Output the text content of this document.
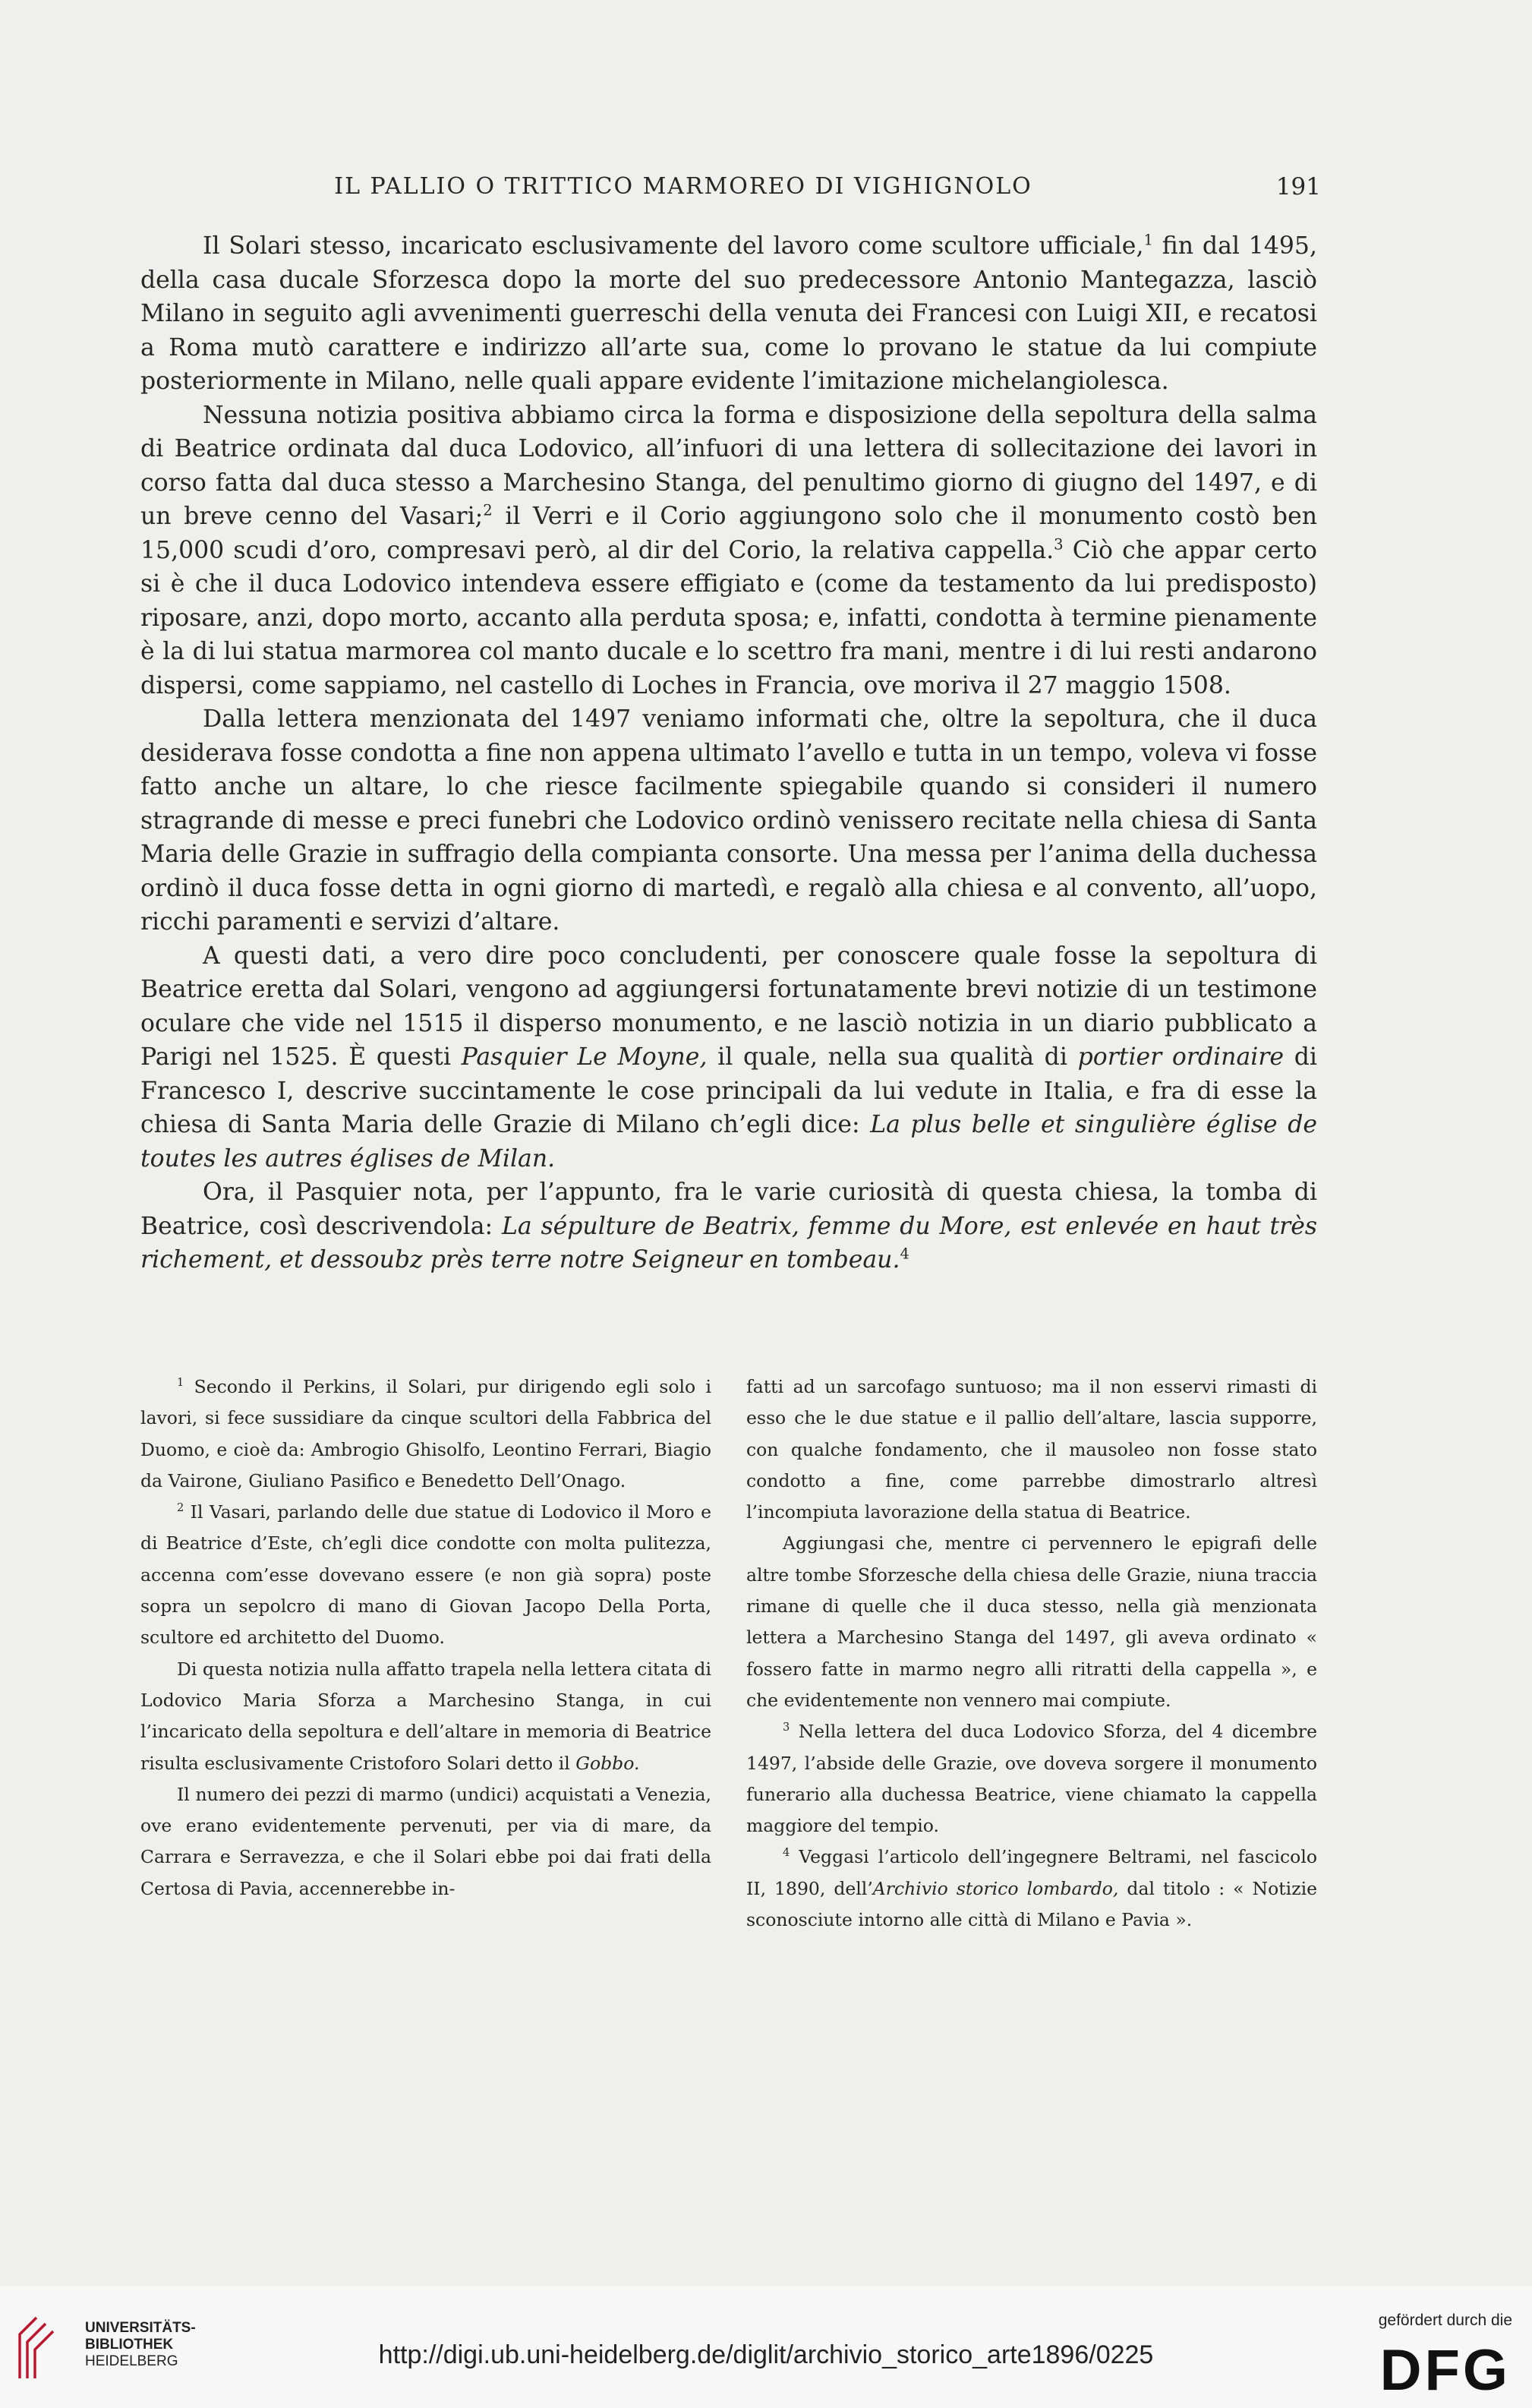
IL PALLIO O TRITTICO MARMOREO DI VIGHIGNOLO	191

Il Solari stesso, incaricato esclusivamente del lavoro come scultore ufficiale,$^1$ fin dal 1495, della casa ducale Sforzesca dopo la morte del suo predecessore Antonio Mantegazza, lasciò Milano in seguito agli avvenimenti guerreschi della venuta dei Francesi con Luigi XII, e recatosi a Roma mutò carattere e indirizzo all’arte sua, come lo provano le statue da lui compiute posteriormente in Milano, nelle quali appare evidente l’imitazione michelangiolesca.

Nessuna notizia positiva abbiamo circa la forma e disposizione della sepoltura della salma di Beatrice ordinata dal duca Lodovico, all’infuori di una lettera di sollecitazione dei lavori in corso fatta dal duca stesso a Marchesino Stanga, del penultimo giorno di giugno del 1497, e di un breve cenno del Vasari;$^2$ il Verri e il Corio aggiungono solo che il monumento costò ben 15,000 scudi d’oro, compresavi però, al dir del Corio, la relativa cappella.$^3$ Ciò che appar certo si è che il duca Lodovico intendeva essere effigiato e (come da testamento da lui predisposto) riposare, anzi, dopo morto, accanto alla perduta sposa; e, infatti, condotta à termine pienamente è la di lui statua marmorea col manto ducale e lo scettro fra mani, mentre i di lui resti andarono dispersi, come sappiamo, nel castello di Loches in Francia, ove moriva il 27 maggio 1508.

Dalla lettera menzionata del 1497 veniamo informati che, oltre la sepoltura, che il duca desiderava fosse condotta a fine non appena ultimato l’avello e tutta in un tempo, voleva vi fosse fatto anche un altare, lo che riesce facilmente spiegabile quando si consideri il numero stragrande di messe e preci funebri che Lodovico ordinò venissero recitate nella chiesa di Santa Maria delle Grazie in suffragio della compianta consorte. Una messa per l’anima della duchessa ordinò il duca fosse detta in ogni giorno di martedì, e regalò alla chiesa e al convento, all’uopo, ricchi paramenti e servizi d’altare.

A questi dati, a vero dire poco concludenti, per conoscere quale fosse la sepoltura di Beatrice eretta dal Solari, vengono ad aggiungersi fortunatamente brevi notizie di un testimone oculare che vide nel 1515 il disperso monumento, e ne lasciò notizia in un diario pubblicato a Parigi nel 1525. È questi Pasquier Le Moyne, il quale, nella sua qualità di portier ordinaire di Francesco I, descrive succintamente le cose principali da lui vedute in Italia, e fra di esse la chiesa di Santa Maria delle Grazie di Milano ch’egli dice: La plus belle et singulière église de toutes les autres églises de Milan.

Ora, il Pasquier nota, per l’appunto, fra le varie curiosità di questa chiesa, la tomba di Beatrice, così descrivendola: La sépulture de Beatrix, femme du More, est enlevée en haut très richement, et dessoubz près terre notre Seigneur en tombeau.$^4$

$^1$ Secondo il Perkins, il Solari, pur dirigendo egli solo i lavori, si fece sussidiare da cinque scultori della Fabbrica del Duomo, e cioè da: Ambrogio Ghisolfo, Leontino Ferrari, Biagio da Vairone, Giuliano Pasifico e Benedetto Dell’Onago.

$^2$ Il Vasari, parlando delle due statue di Lodovico il Moro e di Beatrice d’Este, ch’egli dice condotte con molta pulitezza, accenna com’esse dovevano essere (e non già sopra) poste sopra un sepolcro di mano di Giovan Jacopo Della Porta, scultore ed architetto del Duomo.

Di questa notizia nulla affatto trapela nella lettera citata di Lodovico Maria Sforza a Marchesino Stanga, in cui l’incaricato della sepoltura e dell’altare in memoria di Beatrice risulta esclusivamente Cristoforo Solari detto il Gobbo.

Il numero dei pezzi di marmo (undici) acquistati a Venezia, ove erano evidentemente pervenuti, per via di mare, da Carrara e Serravezza, e che il Solari ebbe poi dai frati della Certosa di Pavia, accennerebbe in-

fatti ad un sarcofago suntuoso; ma il non esservi rimasti di esso che le due statue e il pallio dell’altare, lascia supporre, con qualche fondamento, che il mausoleo non fosse stato condotto a fine, come parrebbe dimostrarlo altresì l’incompiuta lavorazione della statua di Beatrice.

Aggiungasi che, mentre ci pervennero le epigrafi delle altre tombe Sforzesche della chiesa delle Grazie, niuna traccia rimane di quelle che il duca stesso, nella già menzionata lettera a Marchesino Stanga del 1497, gli aveva ordinato « fossero fatte in marmo negro alli ritratti della cappella », e che evidentemente non vennero mai compiute.

$^3$ Nella lettera del duca Lodovico Sforza, del 4 dicembre 1497, l’abside delle Grazie, ove doveva sorgere il monumento funerario alla duchessa Beatrice, viene chiamato la cappella maggiore del tempio.

$^4$ Veggasi l’articolo dell’ingegnere Beltrami, nel fascicolo II, 1890, dell’Archivio storico lombardo, dal titolo : « Notizie sconosciute intorno alle città di Milano e Pavia ».

UNIVERSITÄTS-
BIBLIOTHEK
HEIDELBERG	http://digi.ub.uni-heidelberg.de/diglit/archivio_storico_arte1896/0225
gefördert durch die
DFG
